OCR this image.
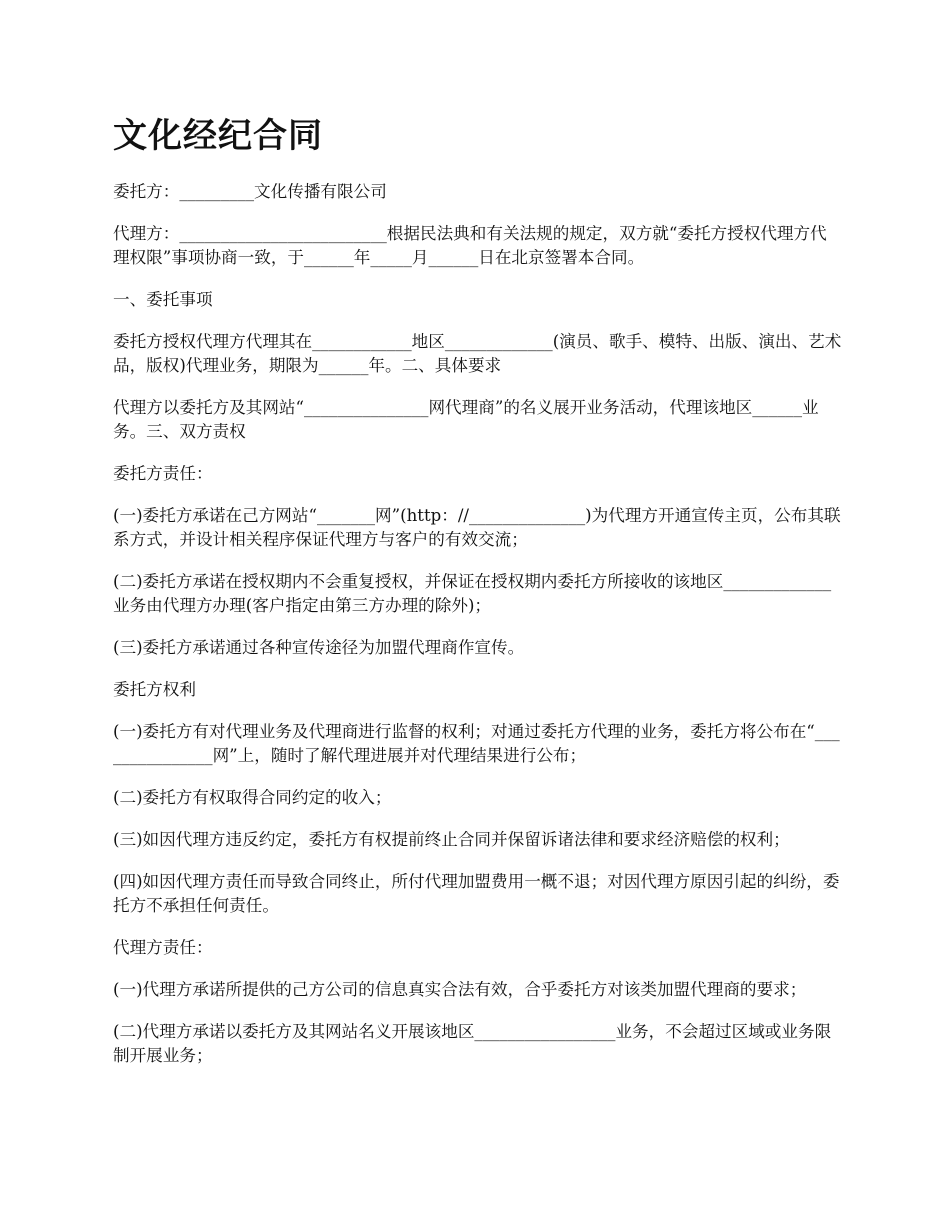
文化经纪合同

委托方：_________文化传播有限公司

代理方：_________________________根据民法典和有关法规的规定，双方就“委托方授权代理方代理权限”事项协商一致，于______年_____月______日在北京签署本合同。

一、委托事项

委托方授权代理方代理其在____________地区_____________(演员、歌手、模特、出版、演出、艺术品，版权)代理业务，期限为______年。二、具体要求

代理方以委托方及其网站“_______________网代理商”的名义展开业务活动，代理该地区______业务。三、双方责权

委托方责任：

(一)委托方承诺在己方网站“_______网”(http：//______________)为代理方开通宣传主页，公布其联系方式，并设计相关程序保证代理方与客户的有效交流；

(二)委托方承诺在授权期内不会重复授权，并保证在授权期内委托方所接收的该地区_____________业务由代理方办理(客户指定由第三方办理的除外)；

(三)委托方承诺通过各种宣传途径为加盟代理商作宣传。

委托方权利

(一)委托方有对代理业务及代理商进行监督的权利；对通过委托方代理的业务，委托方将公布在“_______________网”上，随时了解代理进展并对代理结果进行公布；

(二)委托方有权取得合同约定的收入；

(三)如因代理方违反约定，委托方有权提前终止合同并保留诉诸法律和要求经济赔偿的权利；

(四)如因代理方责任而导致合同终止，所付代理加盟费用一概不退；对因代理方原因引起的纠纷，委托方不承担任何责任。

代理方责任：

(一)代理方承诺所提供的己方公司的信息真实合法有效，合乎委托方对该类加盟代理商的要求；

(二)代理方承诺以委托方及其网站名义开展该地区_________________业务，不会超过区域或业务限制开展业务；
